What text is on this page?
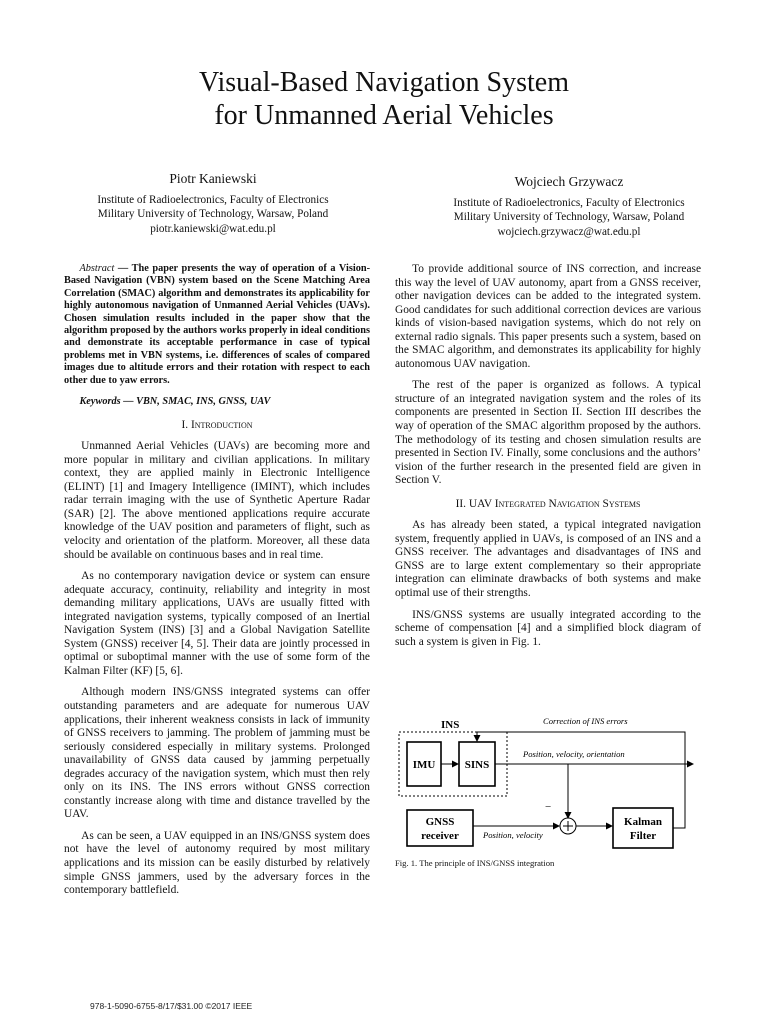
Visual-Based Navigation System
for Unmanned Aerial Vehicles
Piotr Kaniewski
Institute of Radioelectronics, Faculty of Electronics
Military University of Technology, Warsaw, Poland
piotr.kaniewski@wat.edu.pl
Wojciech Grzywacz
Institute of Radioelectronics, Faculty of Electronics
Military University of Technology, Warsaw, Poland
wojciech.grzywacz@wat.edu.pl

Abstract — The paper presents the way of operation of a Vision-Based Navigation (VBN) system based on the Scene Matching Area Correlation (SMAC) algorithm and demonstrates its applicability for highly autonomous navigation of Unmanned Aerial Vehicles (UAVs). Chosen simulation results included in the paper show that the algorithm proposed by the authors works properly in ideal conditions and demonstrate its acceptable performance in case of typical problems met in VBN systems, i.e. differences of scales of compared images due to altitude errors and their rotation with respect to each other due to yaw errors.

Keywords — VBN, SMAC, INS, GNSS, UAV

I. Introduction

Unmanned Aerial Vehicles (UAVs) are becoming more and more popular in military and civilian applications. In military context, they are applied mainly in Electronic Intelligence (ELINT) [1] and Imagery Intelligence (IMINT), which includes radar terrain imaging with the use of Synthetic Aperture Radar (SAR) [2]. The above mentioned applications require accurate knowledge of the UAV position and parameters of flight, such as velocity and orientation of the platform. Moreover, all these data should be available on continuous bases and in real time.

As no contemporary navigation device or system can ensure adequate accuracy, continuity, reliability and integrity in most demanding military applications, UAVs are usually fitted with integrated navigation systems, typically composed of an Inertial Navigation System (INS) [3] and a Global Navigation Satellite System (GNSS) receiver [4, 5]. Their data are jointly processed in optimal or suboptimal manner with the use of some form of the Kalman Filter (KF) [5, 6].

Although modern INS/GNSS integrated systems can offer outstanding parameters and are adequate for numerous UAV applications, their inherent weakness consists in lack of immunity of GNSS receivers to jamming. The problem of jamming must be seriously considered especially in military systems. Prolonged unavailability of GNSS data caused by jamming perpetually degrades accuracy of the navigation system, which must then rely only on its INS. The INS errors without GNSS correction constantly increase along with time and distance travelled by the UAV.

As can be seen, a UAV equipped in an INS/GNSS system does not have the level of autonomy required by most military applications and its mission can be easily disturbed by relatively simple GNSS jammers, used by the adversary forces in the contemporary battlefield.

To provide additional source of INS correction, and increase this way the level of UAV autonomy, apart from a GNSS receiver, other navigation devices can be added to the integrated system. Good candidates for such additional correction devices are various kinds of vision-based navigation systems, which do not rely on external radio signals. This paper presents such a system, based on the SMAC algorithm, and demonstrates its applicability for highly autonomous UAV navigation.

The rest of the paper is organized as follows. A typical structure of an integrated navigation system and the roles of its components are presented in Section II. Section III describes the way of operation of the SMAC algorithm proposed by the authors. The methodology of its testing and chosen simulation results are presented in Section IV. Finally, some conclusions and the authors’ vision of the further research in the presented field are given in Section V.

II. UAV Integrated Navigation Systems

As has already been stated, a typical integrated navigation system, frequently applied in UAVs, is composed of an INS and a GNSS receiver. The advantages and disadvantages of INS and GNSS are to large extent complementary so their appropriate integration can eliminate drawbacks of both systems and make optimal use of their strengths.

INS/GNSS systems are usually integrated according to the scheme of compensation [4] and a simplified block diagram of such a system is given in Fig. 1.

INS
IMU	SINS
Position, velocity, orientation
−
GNSS
receiver	Position, velocity
Kalman
Filter
Correction of INS errors
Fig. 1. The principle of INS/GNSS integration
978-1-5090-6755-8/17/$31.00 ©2017 IEEE
